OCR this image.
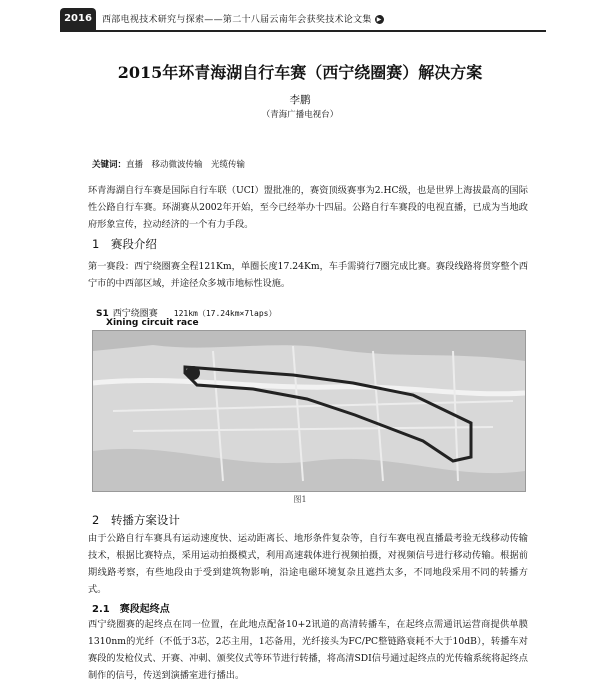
2016	西部电视技术研究与探索——第二十八届云南年会获奖技术论文集 ▶
2015年环青海湖自行车赛（西宁绕圈赛）解决方案
李鹏
（青海广播电视台）
关键词：直播　移动微波传输　光缆传输
环青海湖自行车赛是国际自行车联（UCI）盟批准的，赛资顶级赛事为2.HC级，也是世界上海拔最高的国际性公路自行车赛。环湖赛从2002年开始，至今已经举办十四届。公路自行车赛段的电视直播，已成为当地政府形象宣传，拉动经济的一个有力手段。
1　赛段介绍
第一赛段：西宁绕圈赛全程121Km，单圈长度17.24Km，车手需骑行7圈完成比赛。赛段线路将贯穿整个西宁市的中西部区域，并途径众多城市地标性设施。
S1 西宁绕圈赛 121km（17.24km×7laps）
Xining circuit race
图1
2　转播方案设计
由于公路自行车赛具有运动速度快、运动距离长、地形条件复杂等，自行车赛电视直播最考验无线移动传输技术，根据比赛特点，采用运动拍摄模式，利用高速载体进行视频拍摄，对视频信号进行移动传输。根据前期线路考察，有些地段由于受到建筑物影响，沿途电磁环境复杂且遮挡太多，不同地段采用不同的转播方式。
2.1　赛段起终点
西宁绕圈赛的起终点在同一位置，在此地点配备10+2讯道的高清转播车，在起终点需通讯运营商提供单膜1310nm的光纤（不低于3芯，2芯主用，1芯备用，光纤接头为FC/PC整链路衰耗不大于10dB），转播车对赛段的发枪仪式、开赛、冲刺、颁奖仪式等环节进行转播，将高清SDI信号通过起终点的光传输系统将起终点制作的信号，传送到演播室进行播出。
